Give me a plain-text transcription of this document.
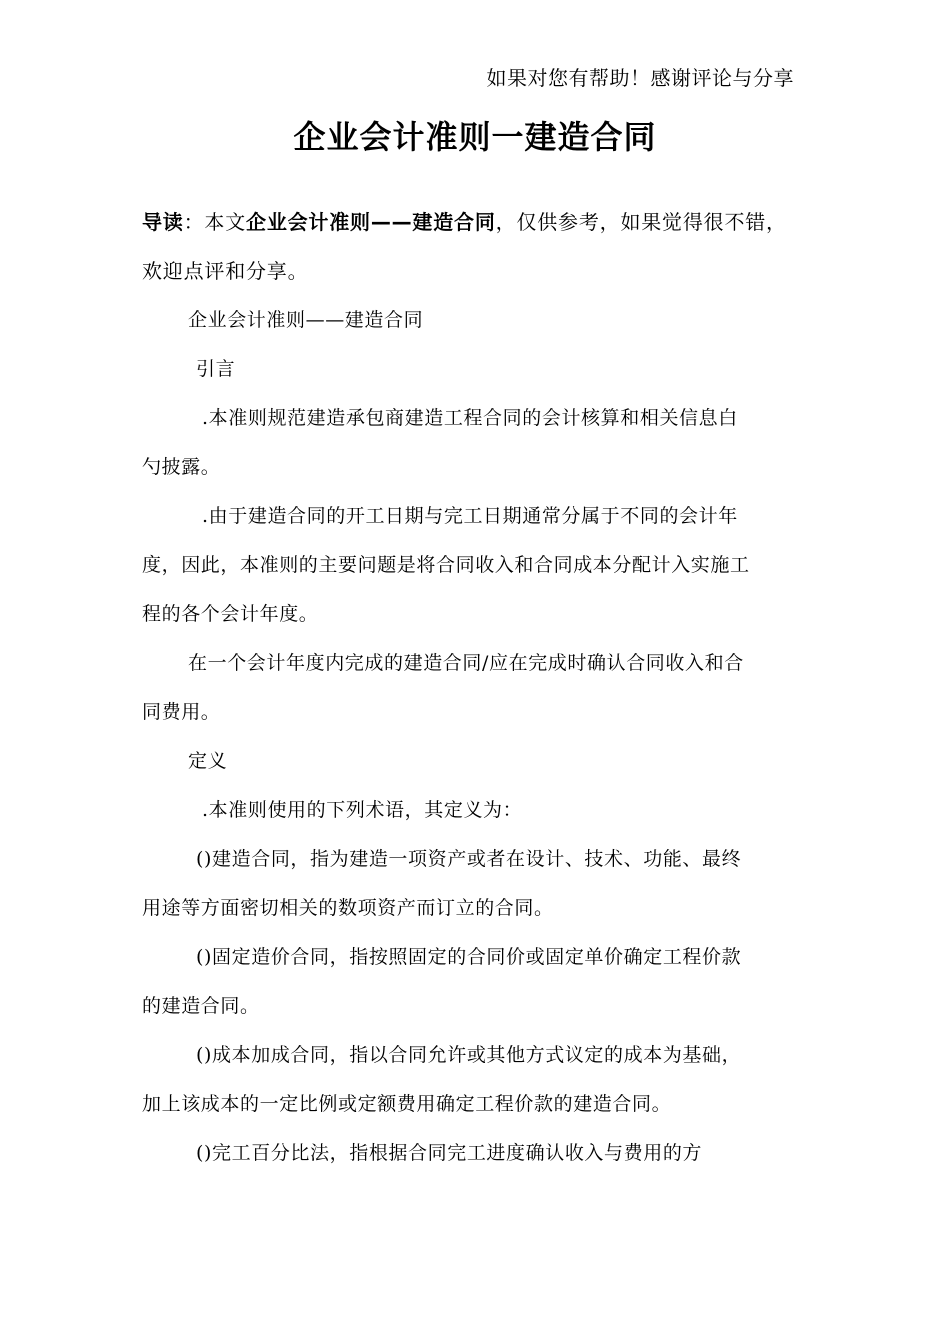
如果对您有帮助！感谢评论与分享
企业会计准则一建造合同

导读：本文企业会计准则——建造合同，仅供参考，如果觉得很不错，
欢迎点评和分享。

企业会计准则——建造合同

引言

.本准则规范建造承包商建造工程合同的会计核算和相关信息白
勺披露。

.由于建造合同的开工日期与完工日期通常分属于不同的会计年
度，因此，本准则的主要问题是将合同收入和合同成本分配计入实施工
程的各个会计年度。

在一个会计年度内完成的建造合同/应在完成时确认合同收入和合
同费用。

定义

.本准则使用的下列术语，其定义为：

()建造合同，指为建造一项资产或者在设计、技术、功能、最终
用途等方面密切相关的数项资产而订立的合同。

()固定造价合同，指按照固定的合同价或固定单价确定工程价款
的建造合同。

()成本加成合同，指以合同允许或其他方式议定的成本为基础，
加上该成本的一定比例或定额费用确定工程价款的建造合同。

()完工百分比法，指根据合同完工进度确认收入与费用的方
